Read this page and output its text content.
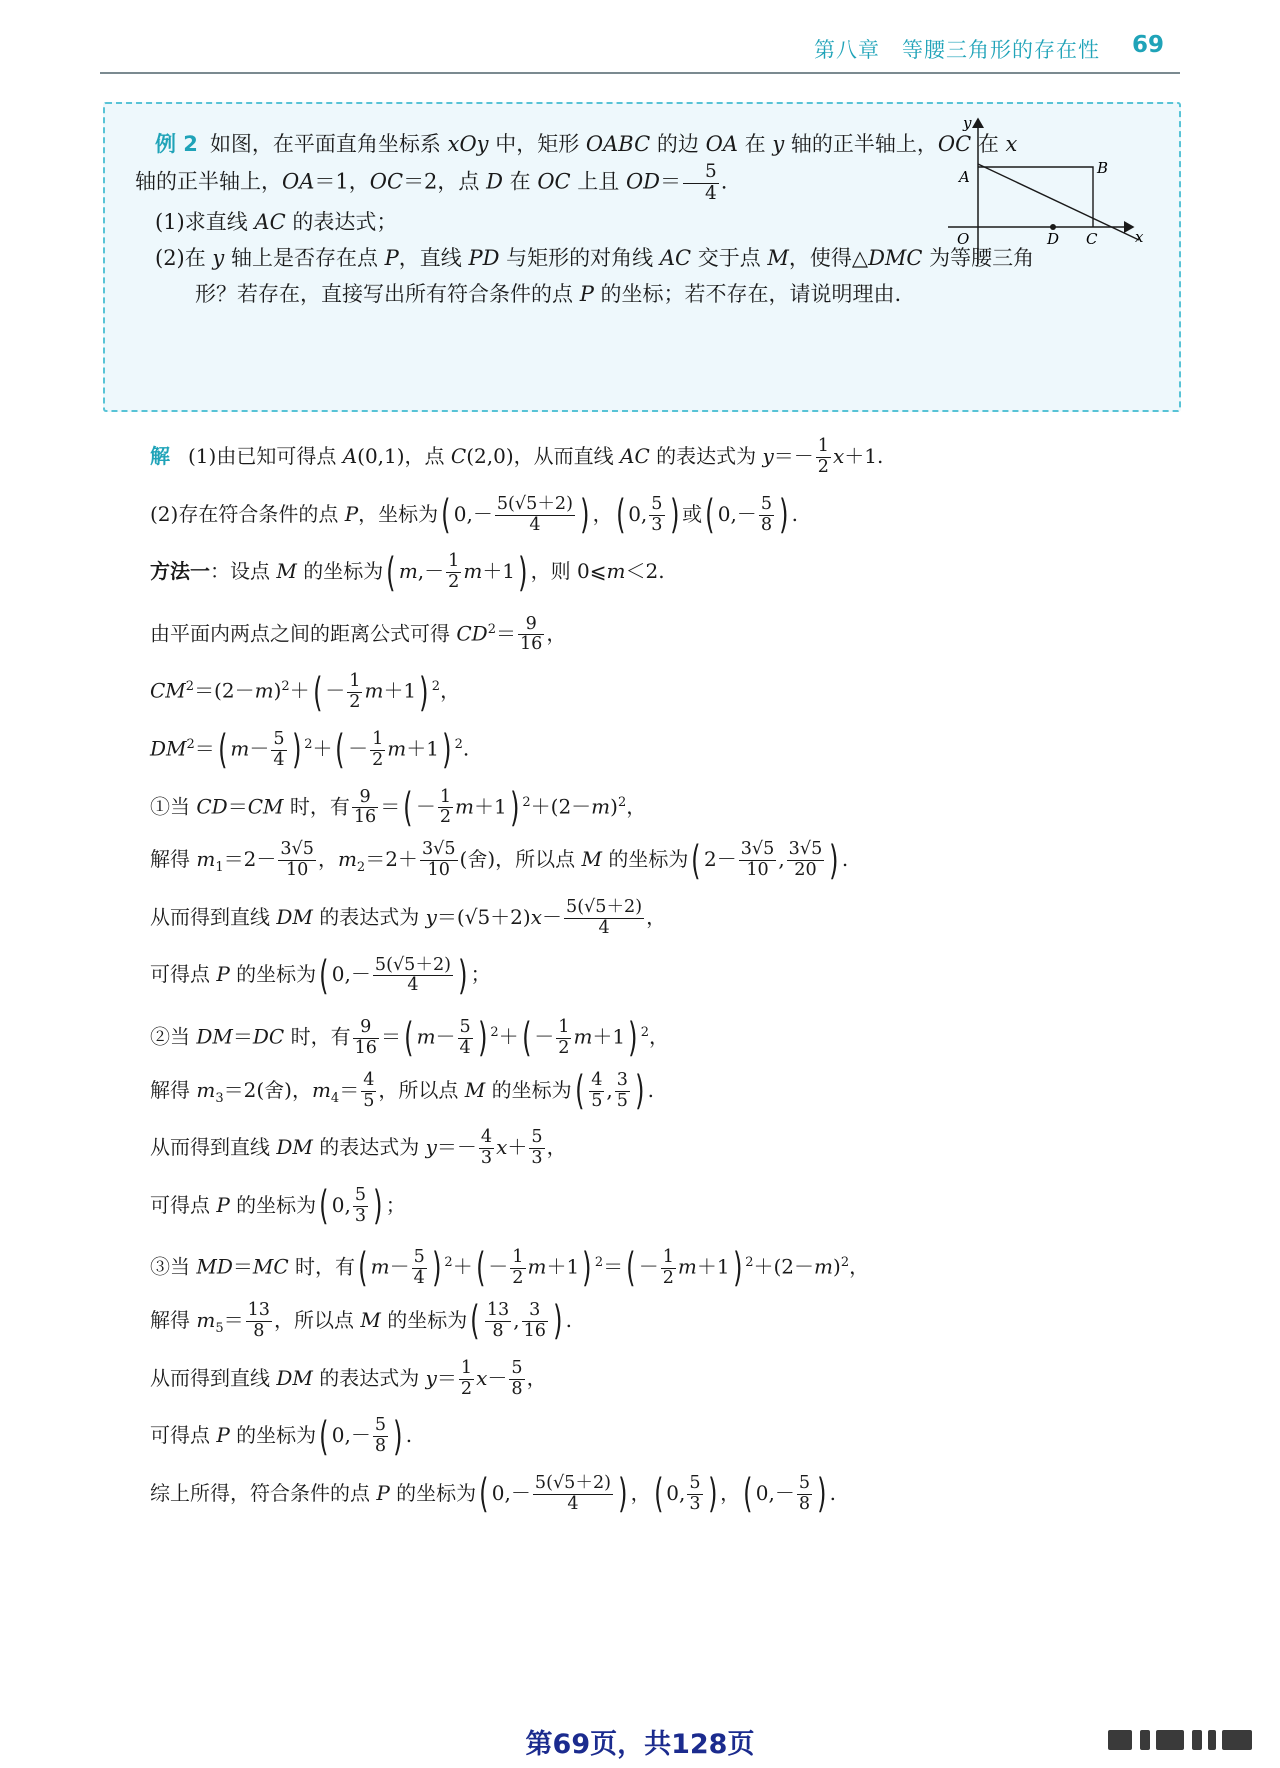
第八章　等腰三角形的存在性 69

例 2 如图，在平面直角坐标系 xOy 中，矩形 OABC 的边 OA 在 y 轴的正半轴上，OC 在 x 轴的正半轴上，OA＝1，OC＝2，点 D 在 OC 上且 $OD= \frac{5}{4}$ .

(1)求直线 AC 的表达式；

(2)在 y 轴上是否存在点 P，直线 PD 与矩形的对角线 AC 交于点 M，使得△DMC 为等腰三角形？若存在，直接写出所有符合条件的点 P 的坐标；若不存在，请说明理由.

y
x
A	B
O	D C

解 (1)由已知可得点 A(0,1)，点 C(2,0)，从而直线 AC 的表达式为 $y=- \frac{1}{2} x+1$.

(2)存在符合条件的点 P，坐标为( $0,- \frac{5(√5+2)}{4}$ ) ，( 0, $\frac{5}{3}$ ) 或( $0,- \frac{5}{8}$ ) .

方法一：设点 M 的坐标为( $m,- \frac{1}{2} m+1$) ，则 0⩽m＜2.

由平面内两点之间的距离公式可得 $CD^2= \frac{9}{16}$ ，

$CM^2=(2-m)^2+( - \frac{1}{2} m+1)$ $^2$，

$DM^2=$( $m- \frac{5}{4}$ ) $^2+( - \frac{1}{2} m+1)$ $^2$.

①当 CD＝CM 时，有 $\frac{9}{16}$ ＝( － $\frac{1}{2} m+1$) $^2+(2-m)^2$，

解得 $m_1=2- \frac{3√5}{10}$ ，$m_2=2+ \frac{3√5}{10}$ (舍)，所以点 M 的坐标为( $2- \frac{3√5}{10}$ , $\frac{3√5}{20}$ ) .

从而得到直线 DM 的表达式为 $y=(√5+2)x- \frac{5(√5+2)}{4}$ ，

可得点 P 的坐标为( $0,- \frac{5(√5+2)}{4}$ ) ；

②当 DM＝DC 时，有 $\frac{9}{16}$ ＝( $m- \frac{5}{4}$ ) $^2+( - \frac{1}{2} m+1)$ $^2$，

解得 $m_3=2$(舍)，$m_4= \frac{4}{5}$ ，所以点 M 的坐标为( $\frac{4}{5}$ , $\frac{3}{5}$ ) .

从而得到直线 DM 的表达式为 $y=- \frac{4}{3} x+ \frac{5}{3}$ ，

可得点 P 的坐标为( 0, $\frac{5}{3}$ ) ；

③当 MD＝MC 时，有( $m- \frac{5}{4}$ ) $^2+( - \frac{1}{2} m+1)$ $^2=( - \frac{1}{2} m+1)$ $^2+(2-m)^2$，

解得 $m_5= \frac{13}{8}$ ，所以点 M 的坐标为( $\frac{13}{8}$ , $\frac{3}{16}$ ) .

从而得到直线 DM 的表达式为 $y= \frac{1}{2} x- \frac{5}{8}$ ，

可得点 P 的坐标为( $0,- \frac{5}{8}$ ) .

综上所得，符合条件的点 P 的坐标为( $0,- \frac{5(√5+2)}{4}$ ) ，( 0, $\frac{5}{3}$ ) ，( $0,- \frac{5}{8}$ ) .

第69页，共128页
